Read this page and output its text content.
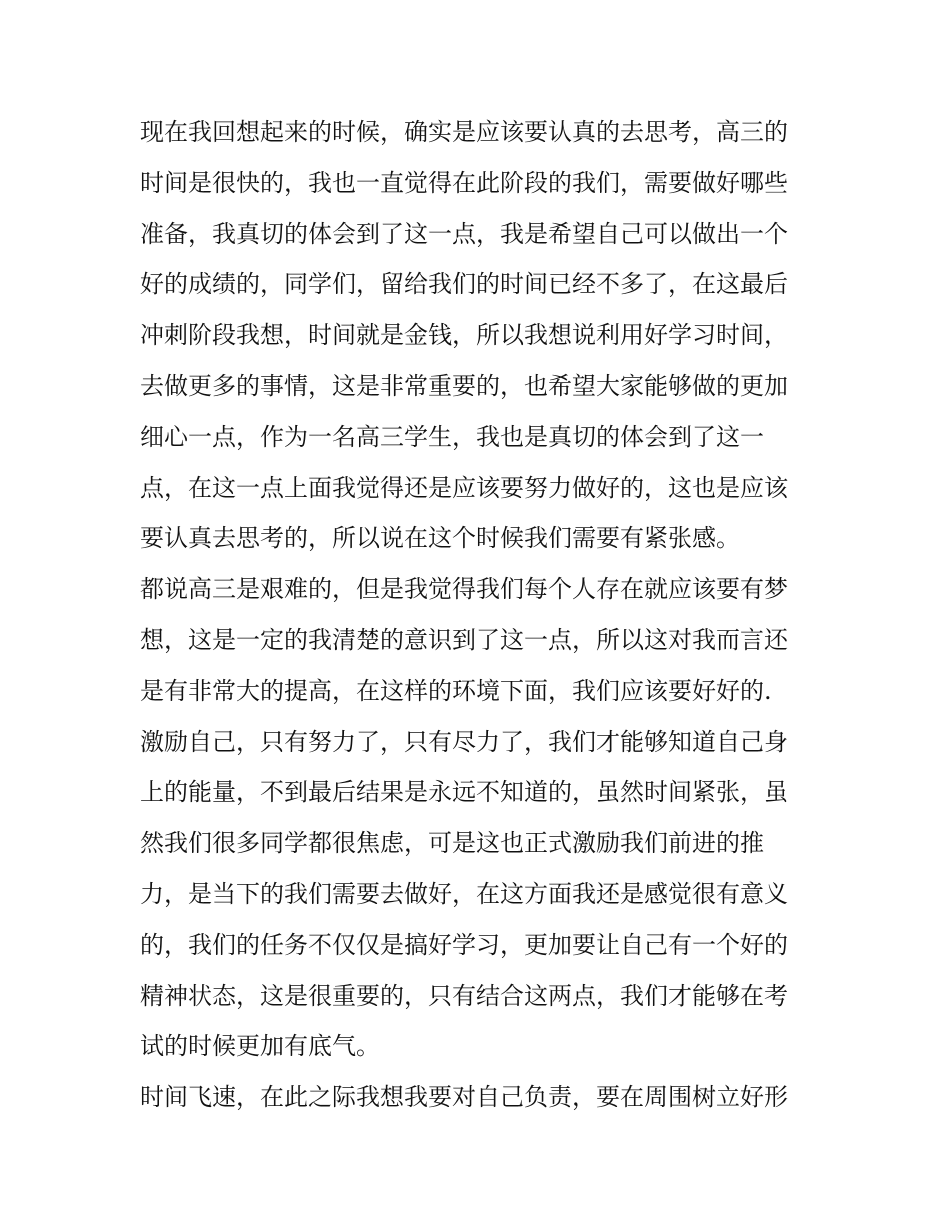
现在我回想起来的时候，确实是应该要认真的去思考，高三的
时间是很快的，我也一直觉得在此阶段的我们，需要做好哪些
准备，我真切的体会到了这一点，我是希望自己可以做出一个
好的成绩的，同学们，留给我们的时间已经不多了，在这最后
冲刺阶段我想，时间就是金钱，所以我想说利用好学习时间，
去做更多的事情，这是非常重要的，也希望大家能够做的更加
细心一点，作为一名高三学生，我也是真切的体会到了这一
点，在这一点上面我觉得还是应该要努力做好的，这也是应该
要认真去思考的，所以说在这个时候我们需要有紧张感。
都说高三是艰难的，但是我觉得我们每个人存在就应该要有梦
想，这是一定的我清楚的意识到了这一点，所以这对我而言还
是有非常大的提高，在这样的环境下面，我们应该要好好的.
激励自己，只有努力了，只有尽力了，我们才能够知道自己身
上的能量，不到最后结果是永远不知道的，虽然时间紧张，虽
然我们很多同学都很焦虑，可是这也正式激励我们前进的推
力，是当下的我们需要去做好，在这方面我还是感觉很有意义
的，我们的任务不仅仅是搞好学习，更加要让自己有一个好的
精神状态，这是很重要的，只有结合这两点，我们才能够在考
试的时候更加有底气。
时间飞速，在此之际我想我要对自己负责，要在周围树立好形
